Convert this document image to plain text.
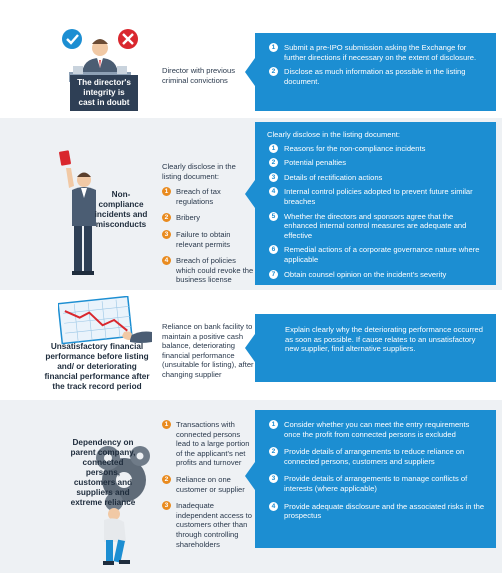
The director's integrity is cast in doubt
Director with previous criminal convictions
1	Submit a pre-IPO submission asking the Exchange for further directions if necessary on the extent of disclosure.
2	Disclose as much information as possible in the listing document.
Non-compliance incidents and misconducts
Clearly disclose in the listing document:
1	Breach of tax regulations
2	Bribery
3	Failure to obtain relevant permits
4	Breach of policies which could revoke the business license
Clearly disclose in the listing document:
1	Reasons for the non-compliance incidents
2	Potential penalties
3	Details of rectification actions
4	Internal control policies adopted to prevent future similar breaches
5	Whether the directors and sponsors agree that the enhanced internal control measures are adequate and effective
6	Remedial actions of a corporate governance nature where applicable
7	Obtain counsel opinion on the incident's severity
Unsatisfactory financial performance before listing and/ or deteriorating financial performance after the track record period
Reliance on bank facility to maintain a positive cash balance, deteriorating financial performance (unsuitable for listing), after changing supplier
Explain clearly why the deteriorating performance occurred as soon as possible. If cause relates to an unsatisfactory new supplier, find alternative suppliers.
Dependency on parent company, connected persons, customers and suppliers and extreme reliance
1	Transactions with connected persons lead to a large portion of the applicant's net profits and turnover
2	Reliance on one customer or supplier
3	Inadequate independent access to customers other than through controlling shareholders
1	Consider whether you can meet the entry requirements once the profit from connected persons is excluded
2	Provide details of arrangements to reduce reliance on connected persons, customers and suppliers
3	Provide details of arrangements to manage conflicts of interests (where applicable)
4	Provide adequate disclosure and the associated risks in the prospectus
